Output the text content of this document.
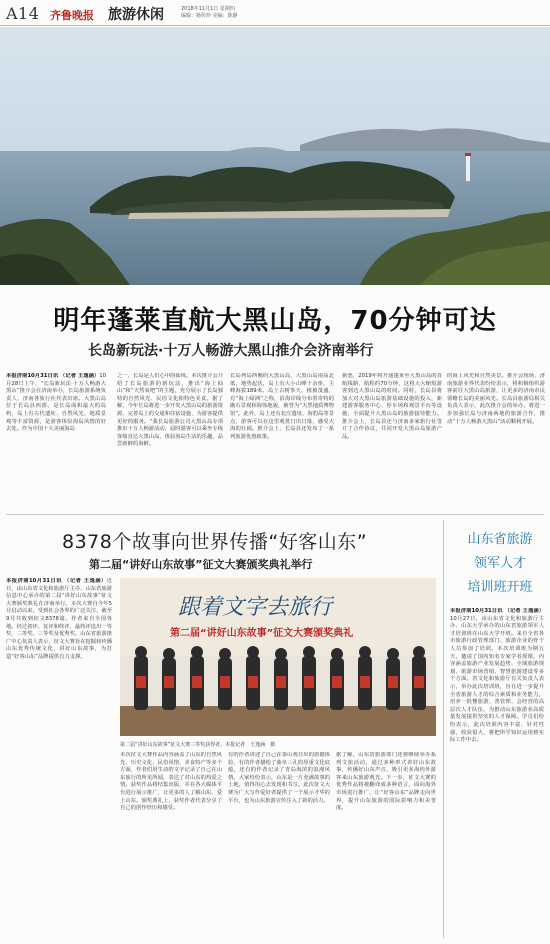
A14 齐鲁晚报	旅游休闲	2018年11月1日 星期四
编辑：杨传珍 美编：陈静
大黑山岛风景宜人。
明年蓬莱直航大黑山岛，70分钟可达
长岛新玩法·十万人畅游大黑山推介会济南举行
本报济南10月31日讯 （记者 王逸涵）10月28日上午，“长岛新玩法·十万人畅游大黑山”推介会在济南举办，长岛旅游系统负责人、济南各旅行社代表出席。大黑山岛位于长岛县西部，是长岛面积最大的岛屿，岛上有古代遗址、自然风光、地质景观等丰富资源，是游客体验海岛风情的好去处。作为中国十大美丽海岛
之一，长岛是人们心中的仙境。本次推介会介绍了长岛旅游的新玩法，推出“海上仙山”和“天然氧吧”的主题，充分展示了长岛独特的自然风光、民俗文化和特色美食。据了解，今年长岛将进一步开发大黑山岛的旅游资源，完善岛上的交通和住宿设施，为游客提供更好的服务。“我长岛旅游公司大黑山岛专项推出十万人畅游活动，届时游客可以乘坐专线客船直达大黑山岛，体验海岛生活的乐趣，品尝新鲜的海鲜。
长岛列岛西侧的大黑山岛，大黑山岛南高北低，地势起伏，岛上有大小山峰十余座，主峰海拔189米。岛上古树参天，植被茂盛，有“海上绿洲”之称，沿海岸线分布着奇特的礁石景观和海蚀地貌，被誉为“天然地质博物馆”。此外，岛上还有北庄遗址、海豹岛等景点，游客可以在这里观赏日出日落，感受大海的壮阔。推介会上，长岛县还发布了一系列旅游优惠政策。
据悉，2019年将开通蓬莱至大黑山岛的直航线路，航程约70分钟，这将大大缩短游客到达大黑山岛的时间。同时，长岛县将加大对大黑山岛旅游基础设施的投入，新建游客服务中心、停车场和观景平台等设施，全面提升大黑山岛的旅游接待能力。推介会上，长岛县还与济南多家旅行社签订了合作协议，共同开发大黑山岛旅游产品。
的海上风光和自然美景。推介会现场，济南旅游业界代表纷纷表示，将积极组织游客前往大黑山岛旅游，让更多的济南市民领略长岛的美丽风光。长岛县旅游局相关负责人表示，此次推介会的举办，将进一步加强长岛与济南两地的旅游合作，推动“十万人畅游大黑山”活动顺利开展。
8378个故事向世界传播“好客山东”
第二届“讲好山东故事”征文大赛颁奖典礼举行
本报济南10月31日讯 （记者 王逸涵）近日，由山东省文化和旅游厅主办、山东省旅游信息中心承办的第二届“讲好山东故事”征文大赛颁奖典礼在济南举行。本次大赛自今年5月启动以来，受到社会各界的广泛关注，截至9月共收到征文8378篇，作者来自全国各地。经过初评、复评和终评，最终评选出一等奖、二等奖、三等奖及优秀奖。山东省旅游推广中心负责人表示，征文大赛旨在挖掘和传播山东优秀传统文化，讲好山东故事，为打造“好客山东”品牌提供有力支撑。
跟着文字去旅行
第二届“讲好山东故事”征文大赛颁奖典礼
第二届“讲好山东故事”征文大赛三等奖获得者。本报记者　王逸涵　摄
本次征文大赛作品内容涵盖了山东的自然风光、历史文化、民俗风情、美食特产等多个方面，作者们用生动的文字记录了自己在山东旅行的所见所闻，表达了对山东的热爱之情。获奖作品将结集出版，并在各大媒体平台进行展示推广，让更多的人了解山东、爱上山东。颁奖典礼上，获奖作者代表分享了自己的创作经历和感受。
有的作者讲述了自己在泰山观日出的震撼体验，有的作者描绘了曲阜三孔的厚重文化底蕴，还有的作者记录了青岛海滨的浪漫风情。大家纷纷表示，山东是一片充满故事的土地，值得用心去发现和书写。此次征文大赛为广大写作爱好者提供了一个展示才华的平台，也为山东旅游宣传注入了新的活力。
据了解，山东省旅游部门还将继续举办系列文旅活动，通过多种形式讲好山东故事，传播好山东声音，吸引更多海内外游客来山东旅游观光。下一步，征文大赛的优秀作品将被翻译成多种语言，面向海外市场进行推广，让“好客山东”品牌走向世界，提升山东旅游的国际影响力和美誉度。
山东省旅游
领军人才
培训班开班
本报济南10月31日讯 （记者 王逸涵）10月27日，由山东省文化和旅游厅主办、山东大学承办的山东省旅游领军人才培训班在山东大学开班。来自全省各市旅游行政管理部门、旅游企业的骨干人员参加了培训。本次培训班为期五天，邀请了国内知名专家学者授课，内容涵盖旅游产业发展趋势、全域旅游规划、旅游市场营销、智慧旅游建设等多个方面。省文化和旅游厅有关负责人表示，举办此次培训班，旨在进一步提升全省旅游人才的综合素质和业务能力，培养一批懂旅游、善管理、会经营的高层次人才队伍，为推动山东旅游业高质量发展提供坚实的人才保障。学员们纷纷表示，此次培训内容丰富、针对性强，收获很大，将把所学知识运用到实际工作中去。
